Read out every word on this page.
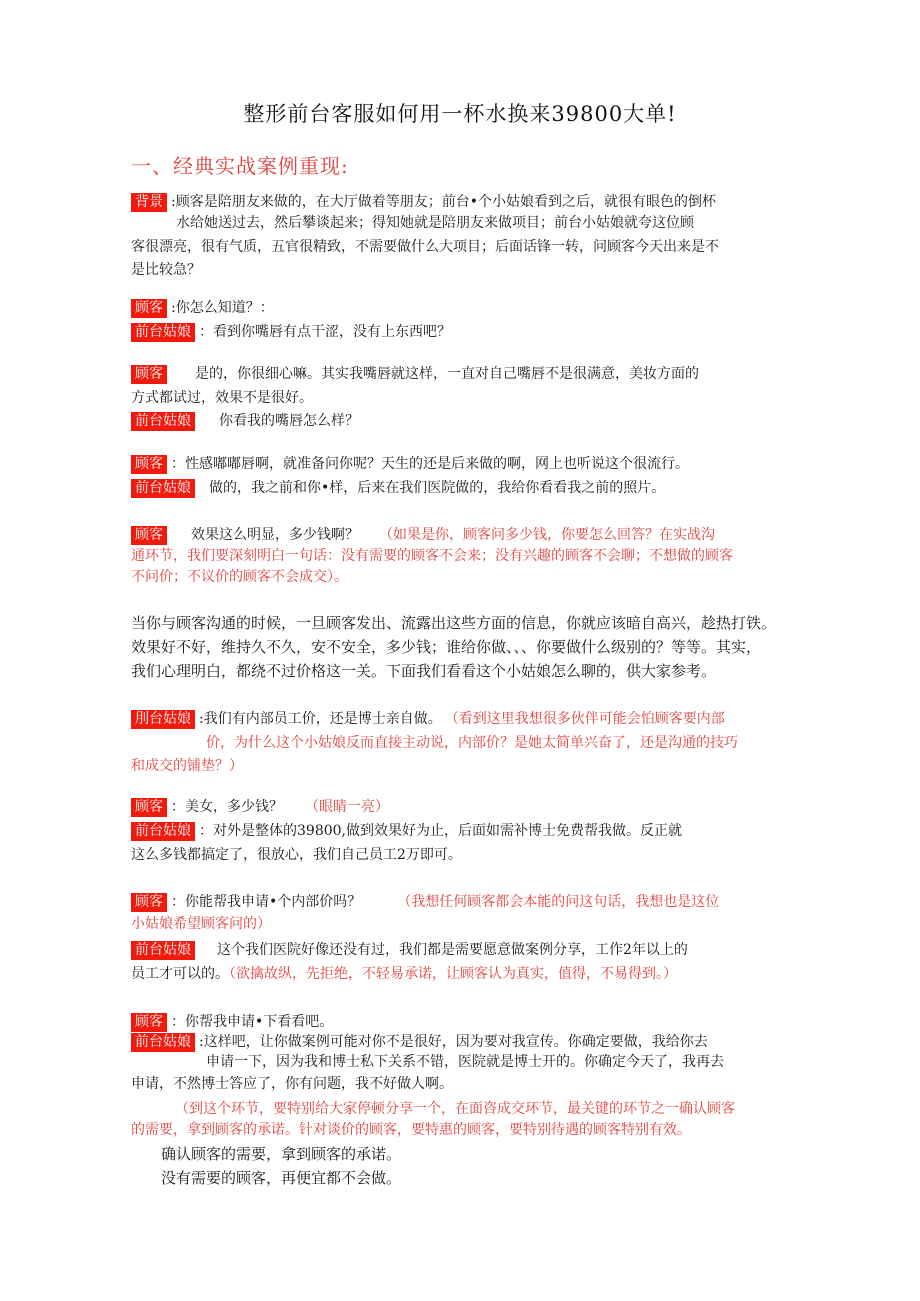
整形前台客服如何用一杯水换来39800大单!
一、经典实战案例重现:
背景 :顾客是陪朋友来做的，在大厅做着等朋友；前台•个小姑娘看到之后，就很有眼色的倒杯
水给她送过去，然后攀谈起来；得知她就是陪朋友来做项目；前台小姑娘就夸这位顾
客很漂亮，很有气质，五官很精致，不需要做什么大项目；后面话锋一转，问顾客今天出来是不
是比较急？
顾客 :你怎么知道？：
前台姑娘 ：看到你嘴唇有点干涩，没有上东西吧？
顾客 是的，你很细心嘛。其实我嘴唇就这样，一直对自己嘴唇不是很满意，美妆方面的
方式都试过，效果不是很好。
前台姑娘 你看我的嘴唇怎么样？
顾客 ：性感嘟嘟唇啊，就准备问你呢？天生的还是后来做的啊，网上也听说这个很流行。
前台姑娘 做的，我之前和你•样，后来在我们医院做的，我给你看看我之前的照片。
顾客 效果这么明显，多少钱啊？ （如果是你，顾客问多少钱，你要怎么回答？在实战沟
通环节，我们要深刻明白一句话：没有需要的顾客不会来；没有兴趣的顾客不会聊；不想做的顾客
不问价；不议价的顾客不会成交）。
当你与顾客沟通的时候，一旦顾客发出、流露出这些方面的信息，你就应该暗自高兴，趁热打铁。
效果好不好，维持久不久，安不安全，多少钱；谁给你做、、、你要做什么级别的？等等。其实，
我们心理明白，都绕不过价格这一关。下面我们看看这个小姑娘怎么聊的，供大家参考。
刖台姑娘 :我们有内部员工价，还是博士亲自做。 （看到这里我想很多伙伴可能会怕顾客要内部
价，为什么这个小姑娘反而直接主动说，内部价？是她太简单兴奋了，还是沟通的技巧
和成交的铺垫？）
顾客 ：美女，多少钱？ （眼睛一亮）
前台姑娘 ：对外是整体的39800,做到效果好为止，后面如需补博士免费帮我做。反正就
这么多钱都搞定了，很放心，我们自己员工2万即可。
顾客 ：你能帮我申请•个内部价吗？	（我想任何顾客都会本能的问这句话，我想也是这位
小姑娘希望顾客问的）
前台姑娘 这个我们医院好像还没有过，我们都是需要愿意做案例分享，工作2年以上的
员工才可以的。（欲擒故纵，先拒绝，不轻易承诺，让顾客认为真实，值得，不易得到。）
顾客 ：你帮我申请•下看看吧。
前台姑娘 :这样吧，让你做案例可能对你不是很好，因为要对我宣传。你确定要做，我给你去
申请一下，因为我和博士私下关系不错，医院就是博士开的。你确定今天了，我再去
申请，不然博士答应了，你有问题，我不好做人啊。
（到这个环节，要特别给大家停顿分享一个，在面咨成交环节，最关键的环节之一确认顾客
的需要，拿到顾客的承诺。针对谈价的顾客，要特惠的顾客，要特别待遇的顾客特别有效。
确认顾客的需要，拿到顾客的承诺。
没有需要的顾客，再便宜都不会做。
